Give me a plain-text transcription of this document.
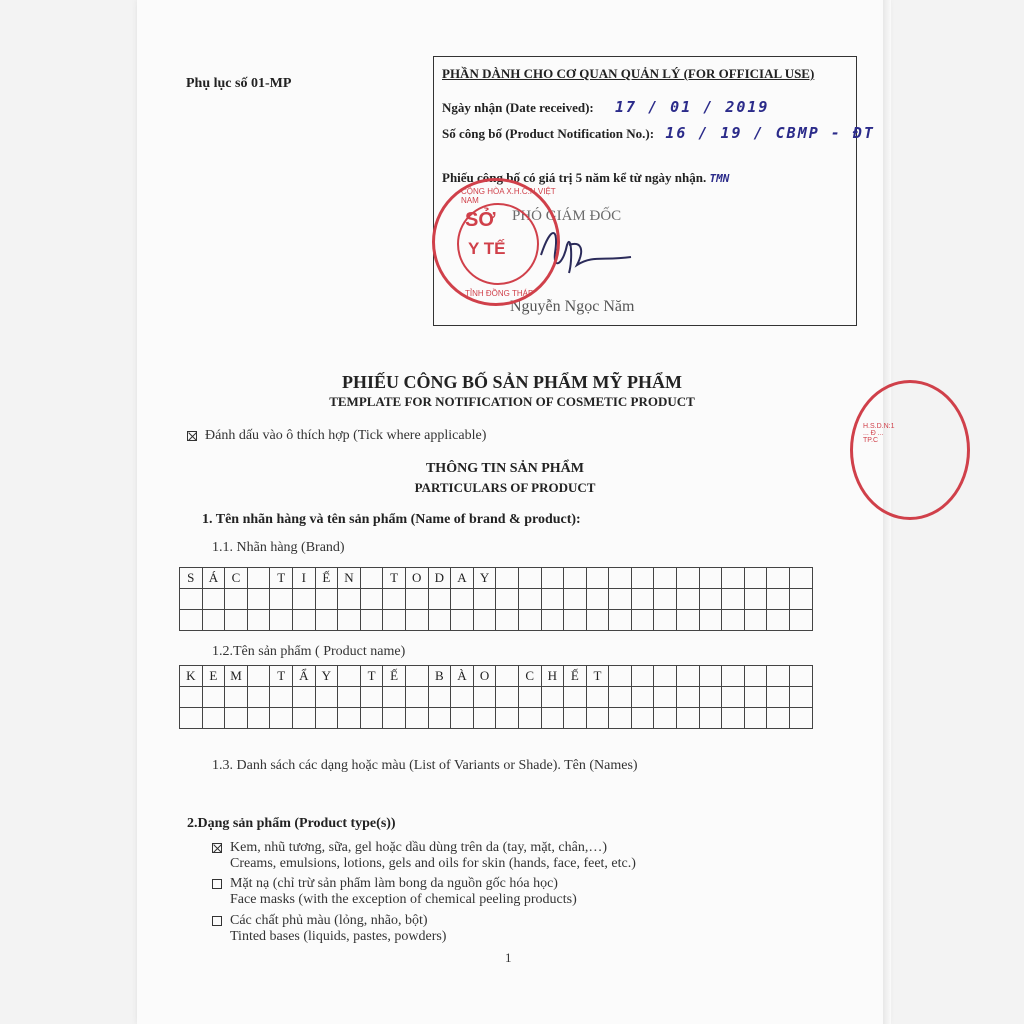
Phụ lục số 01-MP
PHẦN DÀNH CHO CƠ QUAN QUẢN LÝ (FOR OFFICIAL USE)
Ngày nhận (Date received): 17 / 01 / 2019
Số công bố (Product Notification No.): 16 / 19 / CBMP - ĐT
Phiếu công bố có giá trị 5 năm kể từ ngày nhận. TMN
PHÓ GIÁM ĐỐC
Nguyễn Ngọc Năm
SỞ
Y TẾ
CỘNG HÒA X.H.C.N VIỆT NAM
TỈNH ĐỒNG THÁP
H.S.D.N:1 ... Đ ... TP.C
PHIẾU CÔNG BỐ SẢN PHẨM MỸ PHẨM
TEMPLATE FOR NOTIFICATION OF COSMETIC PRODUCT
Đánh dấu vào ô thích hợp (Tick where applicable)
THÔNG TIN SẢN PHẨM
PARTICULARS OF PRODUCT
1. Tên nhãn hàng và tên sản phẩm (Name of brand & product):
1.1. Nhãn hàng (Brand)
S	Á	C		T	I	Ế	N		T	O	D	A	Y														

1.2.Tên sản phẩm ( Product name)
K	E	M		T	Ẩ	Y		T	Ế		B	À	O		C	H	Ế	T									

1.3. Danh sách các dạng hoặc màu (List of Variants or Shade). Tên (Names)
2.Dạng sản phẩm (Product type(s))
Kem, nhũ tương, sữa, gel hoặc dầu dùng trên da (tay, mặt, chân,…)
Creams, emulsions, lotions, gels and oils for skin (hands, face, feet, etc.)
Mặt nạ (chỉ trừ sản phẩm làm bong da nguồn gốc hóa học)
Face masks (with the exception of chemical peeling products)
Các chất phủ màu (lỏng, nhão, bột)
Tinted bases (liquids, pastes, powders)
1
